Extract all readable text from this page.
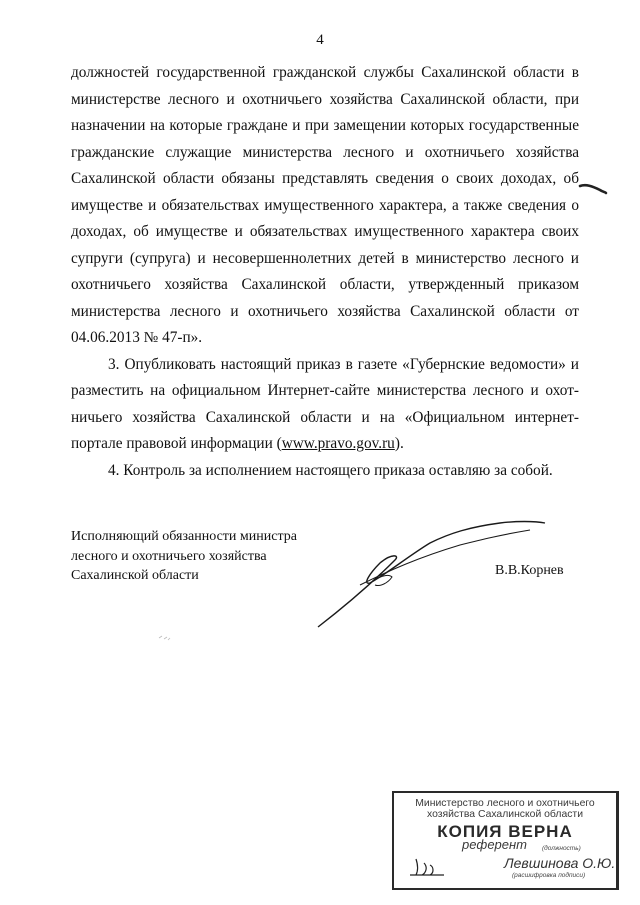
4

должностей государственной гражданской службы Сахалинской области в министерстве лесного и охотничьего хозяйства Сахалинской области, при назначении на которые граждане и при замещении которых государственные гражданские служащие министерства лесного и охотничьего хозяйства Сахалинской области обязаны представлять сведения о своих доходах, об имуществе и обязательствах имущественного характера, а также сведения о доходах, об имуществе и обязательствах имущественного характера своих супруги (супруга) и несовершеннолетних детей в министерство лесного и охотничьего хозяйства Сахалинской области, утвержденный приказом министерства лесного и охотничьего хозяйства Сахалинской области от 04.06.2013 № 47-п».

3. Опубликовать настоящий приказ в газете «Губернские ведомости» и разместить на официальном Интернет-сайте министерства лесного и охот-ничьего хозяйства Сахалинской области и на «Официальном интернет-портале правовой информации (www.pravo.gov.ru).

4. Контроль за исполнением настоящего приказа оставляю за собой.

Исполняющий обязанности министра
лесного и охотничьего хозяйства
Сахалинской области	В.В.Корнев
Министерство лесного и охотничьего
хозяйства Сахалинской области
КОПИЯ ВЕРНА
референт (должность)
Левшинова О.Ю.
(расшифровка подписи)
